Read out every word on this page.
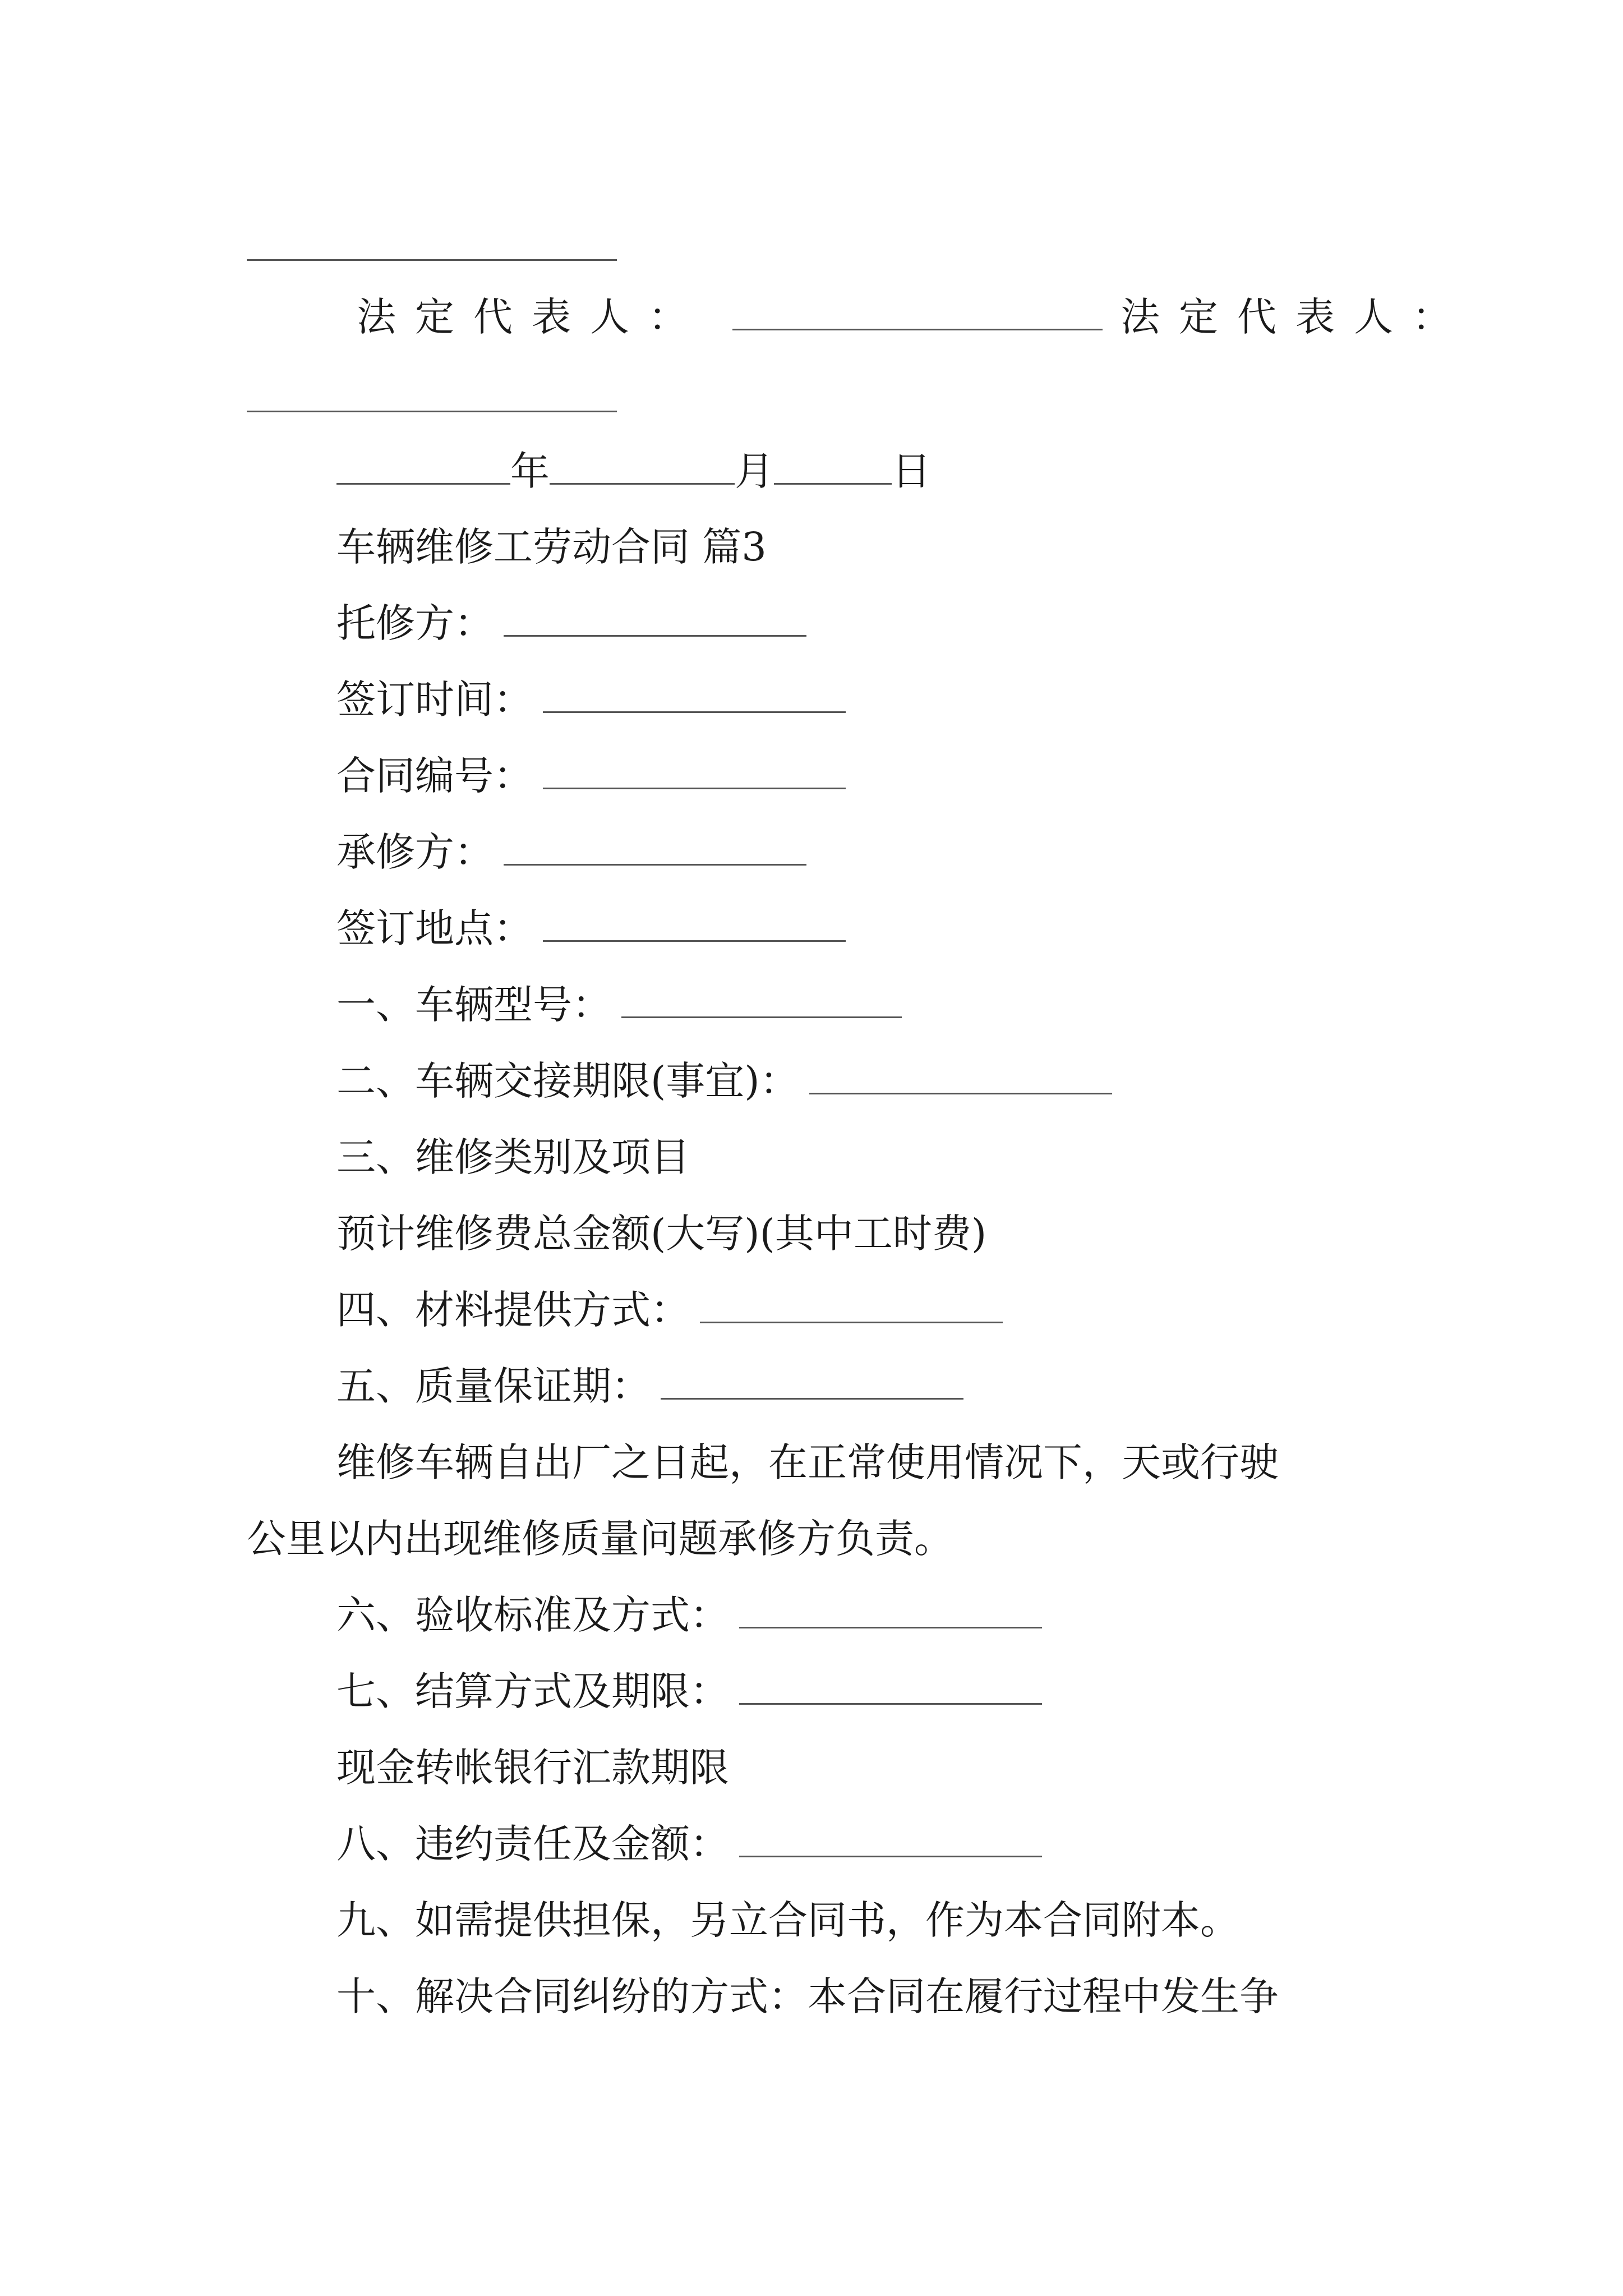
法定代表人：	法定代表人：
年	月	日
车辆维修工劳动合同 篇3
托修方：
签订时间：
合同编号：
承修方：
签订地点：
一、车辆型号：
二、车辆交接期限(事宜)：
三、维修类别及项目
预计维修费总金额(大写)(其中工时费)
四、材料提供方式：
五、质量保证期：
维修车辆自出厂之日起，在正常使用情况下，天或行驶
公里以内出现维修质量问题承修方负责。
六、验收标准及方式：
七、结算方式及期限：
现金转帐银行汇款期限
八、违约责任及金额：
九、如需提供担保，另立合同书，作为本合同附本。
十、解决合同纠纷的方式：本合同在履行过程中发生争
